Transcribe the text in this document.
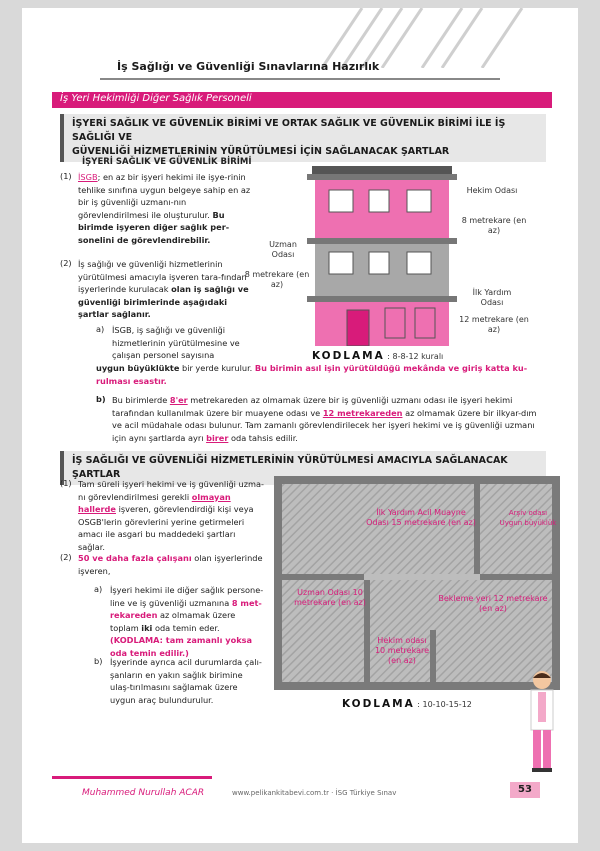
İş Sağlığı ve Güvenliği Sınavlarına Hazırlık
İş Yeri Hekimliği Diğer Sağlık Personeli
İŞYERİ SAĞLIK VE GÜVENLİK BİRİMİ VE ORTAK SAĞLIK VE GÜVENLİK BİRİMİ İLE İŞ SAĞLIĞI VE
GÜVENLİĞİ HİZMETLERİNİN YÜRÜTÜLMESİ İÇİN SAĞLANACAK ŞARTLAR
İŞYERİ SAĞLIK VE GÜVENLİK BİRİMİ
(1) İSGB; en az bir işyeri hekimi ile işye-rinin tehlike sınıfına uygun belgeye sahip en az bir iş güvenliği uzmanı-nın görevlendirilmesi ile oluşturulur. Bu birimde işyeren diğer sağlık per-sonelini de görevlendirebilir.
(2) İş sağlığı ve güvenliği hizmetlerinin yürütülmesi amacıyla işveren tara-fından işyerlerinde kurulacak olan iş sağlığı ve güvenliği birimlerinde aşağıdaki şartlar sağlanır.
a) İSGB, iş sağlığı ve güvenliği hizmetlerinin yürütülmesine ve çalışan personel sayısına
uygun büyüklükte bir yerde kurulur. Bu birimin asıl işin yürütüldüğü mekânda ve giriş katta ku-rulması esastır.
b) Bu birimlerde 8'er metrekareden az olmamak üzere bir iş güvenliği uzmanı odası ile işyeri hekimi tarafından kullanılmak üzere bir muayene odası ve 12 metrekareden az olmamak üzere bir ilkyar-dım ve acil müdahale odası bulunur. Tam zamanlı görevlendirilecek her işyeri hekimi ve iş güvenliği uzmanı için aynı şartlarda ayrı birer oda tahsis edilir.
Hekim Odası
8 metrekare (en az)
Uzman Odası
8 metrekare (en az)
İlk Yardım Odası
12 metrekare (en az)
KODLAMA : 8-8-12 kuralı
İŞ SAĞLIĞI VE GÜVENLİĞİ HİZMETLERİNİN YÜRÜTÜLMESİ AMACIYLA SAĞLANACAK ŞARTLAR
(1) Tam süreli işyeri hekimi ve iş güvenliği uzma-nı görevlendirilmesi gerekli olmayan hallerde işveren, görevlendirdiği kişi veya OSGB'lerin görevlerini yerine getirmeleri amacı ile asgari bu maddedeki şartları sağlar.
(2) 50 ve daha fazla çalışanı olan işyerlerinde işveren,
a) İşyeri hekimi ile diğer sağlık persone-line ve iş güvenliği uzmanına 8 met-rekareden az olmamak üzere toplam iki oda temin eder. (KODLAMA: tam zamanlı yoksa oda temin edilir.)
b) İşyerinde ayrıca acil durumlarda çalı-şanların en yakın sağlık birimine ulaş-tırılmasını sağlamak üzere uygun araç bulundurulur.
İlk Yardım Acil Muayne Odası 15 metrekare (en az)
Arşiv odası Uygun büyüklük
Uzman Odası 10 metrekare (en az)	Bekleme yeri 12 metrekare (en az)
Hekim odası 10 metrekare (en az)
KODLAMA : 10-10-15-12
Muhammed Nurullah ACAR	www.pelikankitabevi.com.tr · İSG Türkiye Sınav	53
